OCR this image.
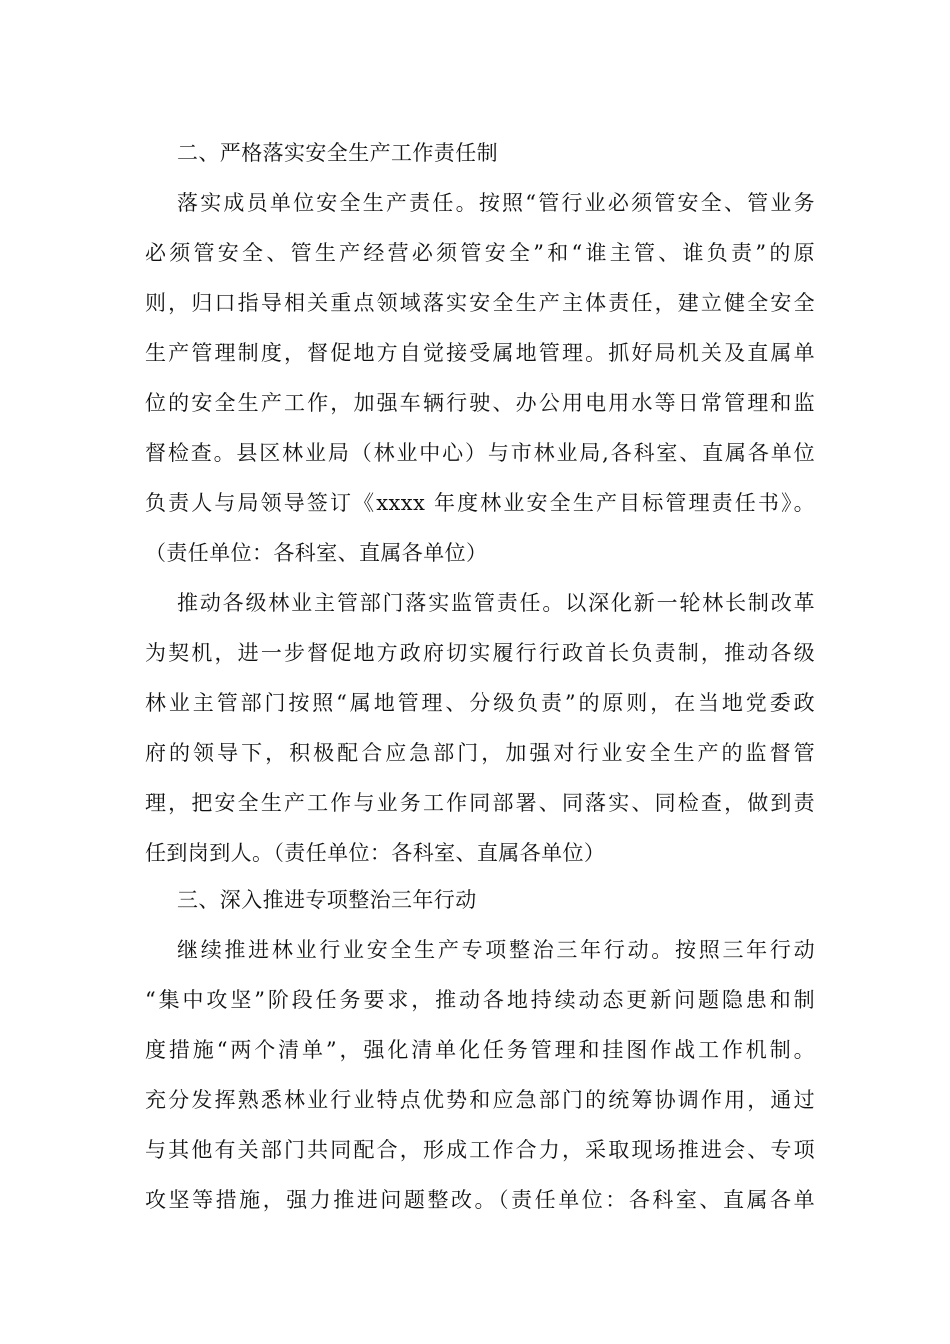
二、严格落实安全生产工作责任制
落实成员单位安全生产责任。按照“管行业必须管安全、管业务
必须管安全、管生产经营必须管安全”和“谁主管、谁负责”的原
则，归口指导相关重点领域落实安全生产主体责任，建立健全安全
生产管理制度，督促地方自觉接受属地管理。抓好局机关及直属单
位的安全生产工作，加强车辆行驶、办公用电用水等日常管理和监
督检查。县区林业局（林业中心）与市林业局,各科室、直属各单位
负责人与局领导签订《xxxx 年度林业安全生产目标管理责任书》。
（责任单位：各科室、直属各单位）
推动各级林业主管部门落实监管责任。以深化新一轮林长制改革
为契机，进一步督促地方政府切实履行行政首长负责制，推动各级
林业主管部门按照“属地管理、分级负责”的原则，在当地党委政
府的领导下，积极配合应急部门，加强对行业安全生产的监督管
理，把安全生产工作与业务工作同部署、同落实、同检查，做到责
任到岗到人。（责任单位：各科室、直属各单位）
三、深入推进专项整治三年行动
继续推进林业行业安全生产专项整治三年行动。按照三年行动
“集中攻坚”阶段任务要求，推动各地持续动态更新问题隐患和制
度措施“两个清单”，强化清单化任务管理和挂图作战工作机制。
充分发挥熟悉林业行业特点优势和应急部门的统筹协调作用，通过
与其他有关部门共同配合，形成工作合力，采取现场推进会、专项
攻坚等措施，强力推进问题整改。（责任单位：各科室、直属各单
